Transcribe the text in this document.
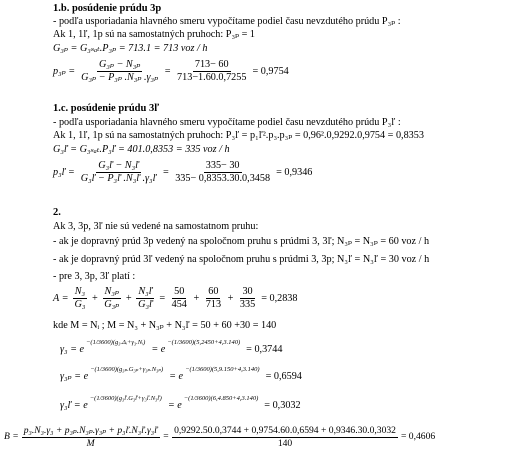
1.b. posúdenie prúdu 3p
- podľa usporiadania hlavného smeru vypočítame podiel času nevzdutého prúdu P₃ₚ :
Ak 1, 1ľ, 1p sú na samostatných pruhoch: P₃ₚ = 1
G₃ₚ = G₃ₛₐₜ.P₃ₚ = 713.1 = 713 voz / h
$p_{3p} = \frac{\text{G₃ₚ − N₃ₚ}}{\text{G₃ₚ − P₃ₚ .N₃ₚ .γ₃ₚ}} = \frac{713- 60}{713-1.60.0,7255} = 0,9754$
1.c. posúdenie prúdu 3ľ
- podľa usporiadania hlavného smeru vypočítame podiel času nevzdutého prúdu P₃ľ :
Ak 1, 1ľ, 1p sú na samostatných pruhoch: P₃ľ = p₁ľ².p₃.p₃ₚ = 0,96².0,9292.0,9754 = 0,8353
G₃ľ = G₃ₛₐₜ.P₃ľ = 401.0,8353 = 335 voz / h
p₃ľ = $\frac{\text{G₃ľ − N₃ľ}}{\text{G₃ľ − P₃ľ .N₃ľ .γ₃ľ}} = \frac{335- 30}{335- 0,8353.30.0,3458} = 0,9346$
2.
Ak 3, 3p, 3ľ nie sú vedené na samostatnom pruhu:
- ak je dopravný prúd 3p vedený na spoločnom pruhu s prúdmi 3, 3ľ; N₃ₚ = N₃ₚ = 60 voz / h
- ak je dopravný prúd 3ľ vedený na spoločnom pruhu s prúdmi 3, 3p; N₃ľ = N₃ľ = 30 voz / h
- pre 3, 3p, 3ľ platí :
$A = \frac{\text{N₃}}{\text{G₃}} + \frac{\text{N₃ₚ}}{\text{G₃ₚ}} + \frac{\text{N₃ľ}}{\text{G₃ľ}} = \frac{50}{454} + \frac{60}{713} + \frac{30}{335} = 0,2838$
kde M = Nᵢ ; M = N₃ + N₃ₚ + N₃ľ = 50 + 60 +30 = 140
γ₃ = e
$^{-(1/3600)(g_3.\Delta ᵢ+\gamma_3.Nᵢ)}$
= e
$^{-(1/3600)(5,2450+4,3.140)}$
= 0,3744
γ₃ₚ = e
$^{-(1/3600)(g_{3p}.G_{3p}+\gamma_{3p}.N_{3p})}$
= e
$^{-(1/3600)(5,9.150+4,3.140)}$
= 0,6594
γ₃ľ = e
$^{-(1/3600)(g_3ľ.G_3ľ+\gamma_3ľ.N_3ľ)}$
= e
$^{-(1/3600)(6,4.850+4,3.140)}$
= 0,3032
$B = \frac{\text{p₃.N₃.γ₃ + p₃ₚ.N₃ₚ.γ₃ₚ + p₃ľ.N₃ľ.γ₃ľ}}{M} = \frac{0,9292.50.0,3744 + 0,9754.60.0,6594 + 0,9346.30.0,3032}{140} = 0,4606$
